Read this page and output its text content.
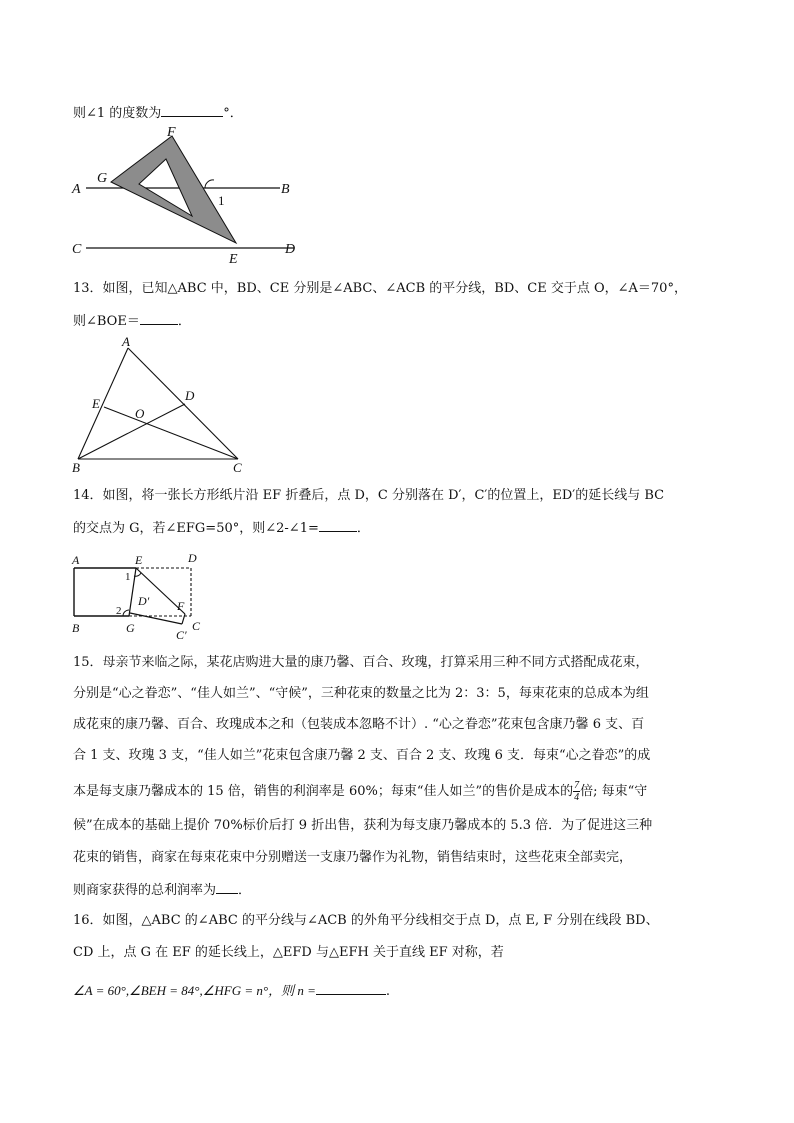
则∠1 的度数为	°．
A
G
F
1
B
C
E
D
13．如图，已知△ABC 中，BD、CE 分别是∠ABC、∠ACB 的平分线，BD、CE 交于点 O，∠A＝70°，
则∠BOE＝	．
A
E
D
O
B	C
14．如图，将一张长方形纸片沿 EF 折叠后，点 D，C 分别落在 D′，C′的位置上，ED′的延长线与 BC
的交点为 G，若∠EFG=50°，则∠2-∠1=	．
A	E	D
1
D′
2	F
B	G	C
C′
15．母亲节来临之际，某花店购进大量的康乃馨、百合、玫瑰，打算采用三种不同方式搭配成花束，
分别是“心之眷恋”、“佳人如兰”、“守候”，三种花束的数量之比为 2：3：5，每束花束的总成本为组
成花束的康乃馨、百合、玫瑰成本之和（包装成本忽略不计）. “心之眷恋”花束包含康乃馨 6 支、百
合 1 支、玫瑰 3 支，“佳人如兰”花束包含康乃馨 2 支、百合 2 支、玫瑰 6 支．每束“心之眷恋”的成
本是每支康乃馨成本的 15 倍，销售的利润率是 60%；每束“佳人如兰”的售价是成本的 $\frac{7}{4}$ 倍; 每束“守
候”在成本的基础上提价 70%标价后打 9 折出售，获利为每支康乃馨成本的 5.3 倍．为了促进这三种
花束的销售，商家在每束花束中分别赠送一支康乃馨作为礼物，销售结束时，这些花束全部卖完，
则商家获得的总利润率为 ．
16．如图，△ABC 的∠ABC 的平分线与∠ACB 的外角平分线相交于点 D，点 E, F 分别在线段 BD、
CD 上，点 G 在 EF 的延长线上，△EFD 与△EFH 关于直线 EF 对称，若
∠A = 60°,∠BEH = 84°,∠HFG = n°，则 n =	.
